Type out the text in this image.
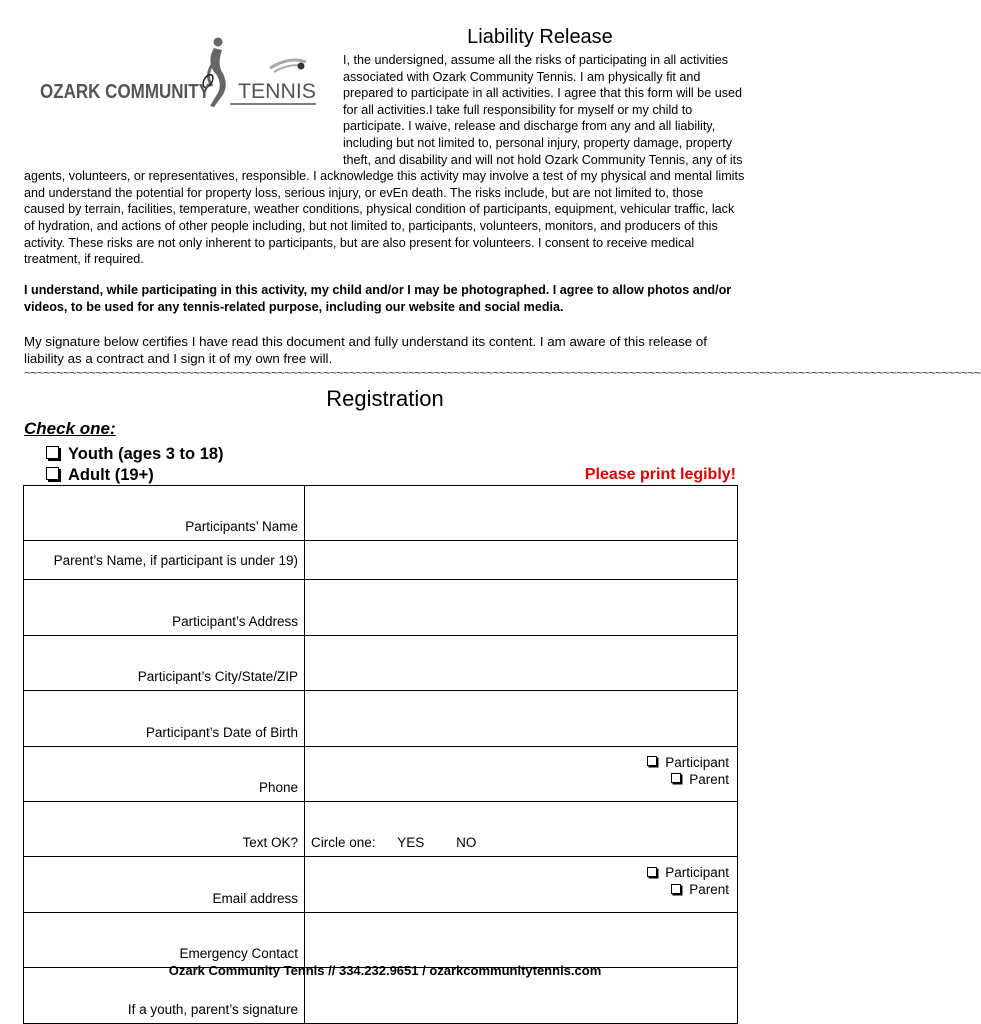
OZARK COMMUNITY TENNIS
Liability Release

I, the undersigned, assume all the risks of participating in all activities associated with Ozark Community Tennis. I am physically fit and prepared to participate in all activities. I agree that this form will be used for all activities.I take full responsibility for myself or my child to participate. I waive, release and discharge from any and all liability, including but not limited to, personal injury, property damage, property theft, and disability and will not hold Ozark Community Tennis, any of its agents, volunteers, or representatives, responsible. I acknowledge this activity may involve a test of my physical and mental limits and understand the potential for property loss, serious injury, or evEn death. The risks include, but are not limited to, those caused by terrain, facilities, temperature, weather conditions, physical condition of participants, equipment, vehicular traffic, lack of hydration, and actions of other people including, but not limited to, participants, volunteers, monitors, and producers of this activity. These risks are not only inherent to participants, but are also present for volunteers. I consent to receive medical treatment, if required.

I understand, while participating in this activity, my child and/or I may be photographed. I agree to allow photos and/or videos, to be used for any tennis-related purpose, including our website and social media.

My signature below certifies I have read this document and fully understand its content. I am aware of this release of liability as a contract and I sign it of my own free will.

~~~~~~~~~~~~~~~~~~~~~~~~~~~~~~~~~~~~~~~~~~~~~~~~~~~~~~~~~~~~~~~~~~~~~~~~~~~~~~~~~~~~~~~~~~~~~~~~~~~~~~~~~~~~~~~~~~~~~~~~~~~~~~~~~~~~~~~~~~~~~~~~~~~
Registration
Check one:
Youth (ages 3 to 18)
Adult (19+)	Please print legibly!
Participants’ Name	
Parent’s Name, if participant is under 19)	
Participant’s Address	
Participant’s City/State/ZIP	
Participant’s Date of Birth	
Phone	Participant
Parent

Text OK?	Circle one: YES NO
Email address	Participant
Parent

Emergency Contact	
If a youth, parent’s signature	
Ozark Community Tennis // 334.232.9651 / ozarkcommunitytennis.com
